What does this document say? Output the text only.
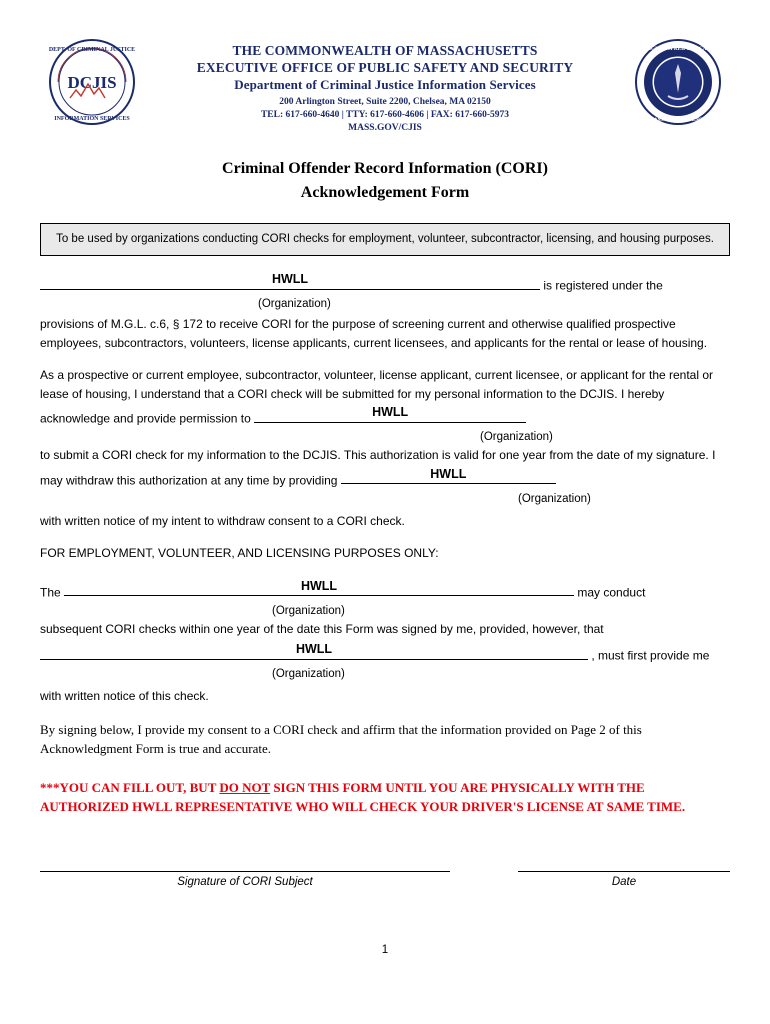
DEPT. OF CRIMINAL JUSTICE
INFORMATION SERVICES
DCJIS
THE COMMONWEALTH OF MASSACHUSETTS
EXECUTIVE OFFICE OF PUBLIC SAFETY AND SECURITY
Department of Criminal Justice Information Services
200 Arlington Street, Suite 2200, Chelsea, MA 02150
TEL: 617-660-4640 | TTY: 617-660-4606 | FAX: 617-660-5973
MASS.GOV/CJIS
SIGILLUM REIPUBLICAE
MASSACHUSETTENSIS
Criminal Offender Record Information (CORI)
Acknowledgement Form
To be used by organizations conducting CORI checks for employment, volunteer, subcontractor, licensing, and housing purposes.
HWLL	is registered under the
(Organization)
provisions of M.G.L. c.6, § 172 to receive CORI for the purpose of screening current and otherwise qualified prospective employees, subcontractors, volunteers, license applicants, current licensees, and applicants for the rental or lease of housing.
As a prospective or current employee, subcontractor, volunteer, license applicant, current licensee, or applicant for the rental or lease of housing, I understand that a CORI check will be submitted for my personal information to the DCJIS. I hereby acknowledge and provide permission to	HWLL
(Organization)
to submit a CORI check for my information to the DCJIS. This authorization is valid for one year from the date of my signature. I may withdraw this authorization at any time by providing	HWLL
(Organization)
with written notice of my intent to withdraw consent to a CORI check.
FOR EMPLOYMENT, VOLUNTEER, AND LICENSING PURPOSES ONLY:
The	HWLL	may conduct
(Organization)
subsequent CORI checks within one year of the date this Form was signed by me, provided, however, that
HWLL	, must first provide me
(Organization)
with written notice of this check.
By signing below, I provide my consent to a CORI check and affirm that the information provided on Page 2 of this Acknowledgment Form is true and accurate.
***YOU CAN FILL OUT, BUT DO NOT SIGN THIS FORM UNTIL YOU ARE PHYSICALLY WITH THE
AUTHORIZED HWLL REPRESENTATIVE WHO WILL CHECK YOUR DRIVER'S LICENSE AT SAME TIME.
Signature of CORI Subject	Date
1
